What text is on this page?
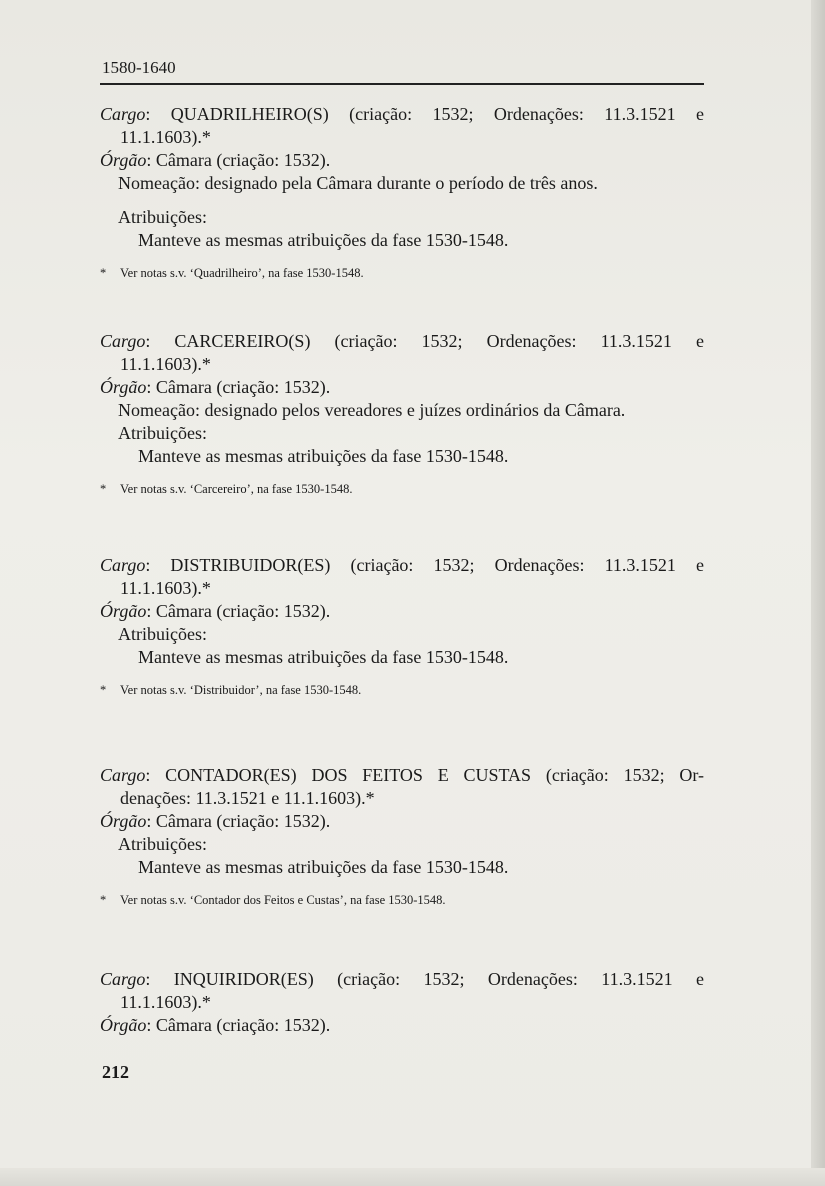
1580-1640
Cargo: QUADRILHEIRO(S) (criação: 1532; Ordenações: 11.3.1521 e
11.1.1603).*
Órgão: Câmara (criação: 1532).
Nomeação: designado pela Câmara durante o período de três anos.
Atribuições:
Manteve as mesmas atribuições da fase 1530-1548.
* Ver notas s.v. ‘Quadrilheiro’, na fase 1530-1548.
Cargo: CARCEREIRO(S) (criação: 1532; Ordenações: 11.3.1521 e
11.1.1603).*
Órgão: Câmara (criação: 1532).
Nomeação: designado pelos vereadores e juízes ordinários da Câmara.
Atribuições:
Manteve as mesmas atribuições da fase 1530-1548.
* Ver notas s.v. ‘Carcereiro’, na fase 1530-1548.
Cargo: DISTRIBUIDOR(ES) (criação: 1532; Ordenações: 11.3.1521 e
11.1.1603).*
Órgão: Câmara (criação: 1532).
Atribuições:
Manteve as mesmas atribuições da fase 1530-1548.
* Ver notas s.v. ‘Distribuidor’, na fase 1530-1548.
Cargo: CONTADOR(ES) DOS FEITOS E CUSTAS (criação: 1532; Or-
denações: 11.3.1521 e 11.1.1603).*
Órgão: Câmara (criação: 1532).
Atribuições:
Manteve as mesmas atribuições da fase 1530-1548.
* Ver notas s.v. ‘Contador dos Feitos e Custas’, na fase 1530-1548.
Cargo: INQUIRIDOR(ES) (criação: 1532; Ordenações: 11.3.1521 e
11.1.1603).*
Órgão: Câmara (criação: 1532).
212
